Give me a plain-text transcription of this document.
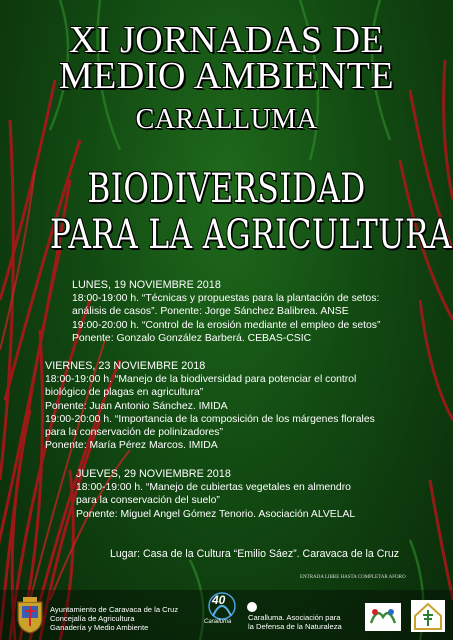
XI JORNADAS DE
MEDIO AMBIENTE
CARALLUMA
BIODIVERSIDAD
PARA LA AGRICULTURA
LUNES, 19 NOVIEMBRE 2018
18:00-19:00 h. “Técnicas y propuestas para la plantación de setos:
análisis de casos”. Ponente: Jorge Sánchez Balibrea. ANSE
19:00-20:00 h. “Control de la erosión mediante el empleo de setos”
Ponente: Gonzalo González Barberá. CEBAS-CSIC
VIERNES, 23 NOVIEMBRE 2018
18:00-19:00 h. “Manejo de la biodiversidad para potenciar el control
biológico de plagas en agricultura”
Ponente: Juan Antonio Sánchez. IMIDA
19:00-20:00 h. “Importancia de la composición de los márgenes florales
para la conservación de polinizadores”
Ponente: María Pérez Marcos. IMIDA
JUEVES, 29 NOVIEMBRE 2018
18:00-19:00 h. “Manejo de cubiertas vegetales en almendro
para la conservación del suelo”
Ponente: Miguel Angel Gómez Tenorio. Asociación ALVELAL
Lugar: Casa de la Cultura “Emilio Sáez”. Caravaca de la Cruz
ENTRADA LIBRE HASTA COMPLETAR AFORO
Ayuntamiento de Caravaca de la Cruz
Concejalía de Agricultura
Ganadería y Medio Ambiente
40
Caralluma Caralluma. Asociación para
la Defensa de la Naturaleza
